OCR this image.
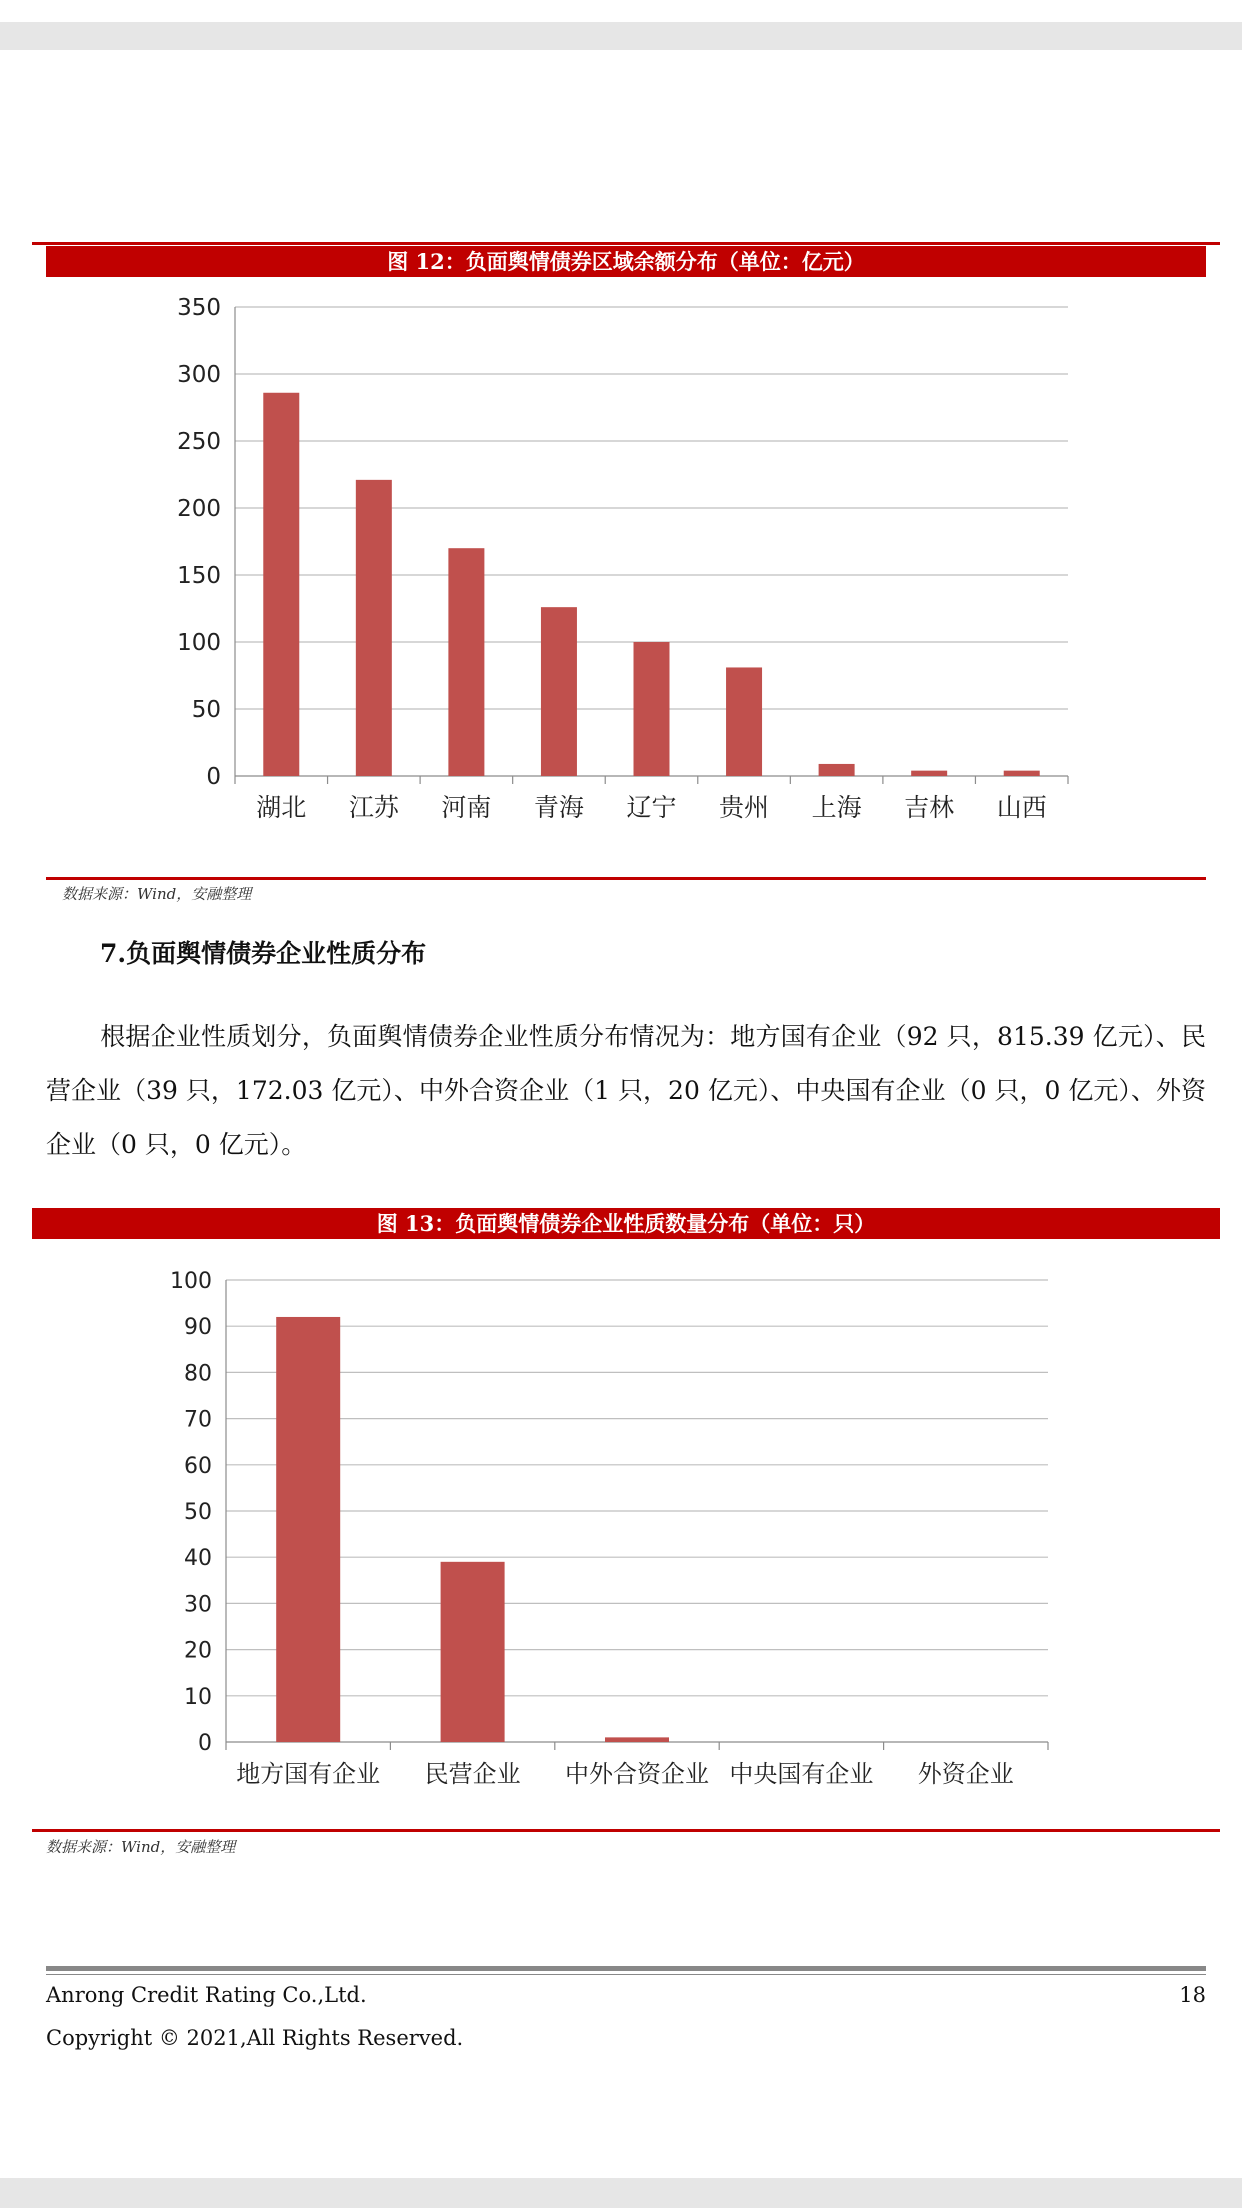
图 12：负面舆情债券区域余额分布（单位：亿元）
0
50
100
150
200
250
300
350
湖北 江苏 河南 青海 辽宁 贵州 上海 吉林 山西
数据来源：Wind，安融整理
7.负面舆情债券企业性质分布
根据企业性质划分，负面舆情债券企业性质分布情况为：地方国有企业（92 只，815.39 亿元）、民营企业（39 只，172.03 亿元）、中外合资企业（1 只，20 亿元）、中央国有企业（0 只，0 亿元）、外资企业（0 只，0 亿元）。
图 13：负面舆情债券企业性质数量分布（单位：只）
0
10
20
30
40
50
60
70
80
90
100
地方国有企业 民营企业 中外合资企业 中央国有企业 外资企业
数据来源：Wind，安融整理
Anrong Credit Rating Co.,Ltd.	18
Copyright © 2021,All Rights Reserved.
